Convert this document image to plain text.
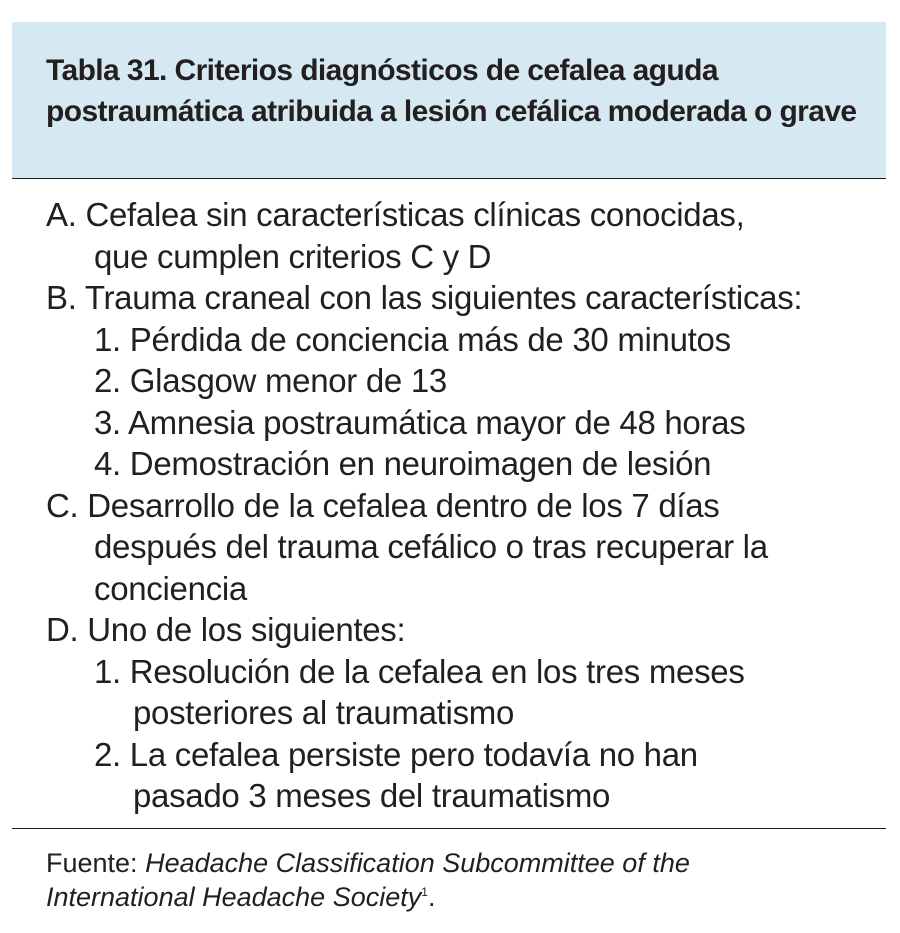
Tabla 31. Criterios diagnósticos de cefalea aguda postraumática atribuida a lesión cefálica moderada o grave
A. Cefalea sin características clínicas conocidas,
que cumplen criterios C y D
B. Trauma craneal con las siguientes características:
1. Pérdida de conciencia más de 30 minutos
2. Glasgow menor de 13
3. Amnesia postraumática mayor de 48 horas
4. Demostración en neuroimagen de lesión
C. Desarrollo de la cefalea dentro de los 7 días
después del trauma cefálico o tras recuperar la
conciencia
D. Uno de los siguientes:
1. Resolución de la cefalea en los tres meses
posteriores al traumatismo
2. La cefalea persiste pero todavía no han
pasado 3 meses del traumatismo
Fuente: Headache Classification Subcommittee of the
International Headache Society$^1$.
